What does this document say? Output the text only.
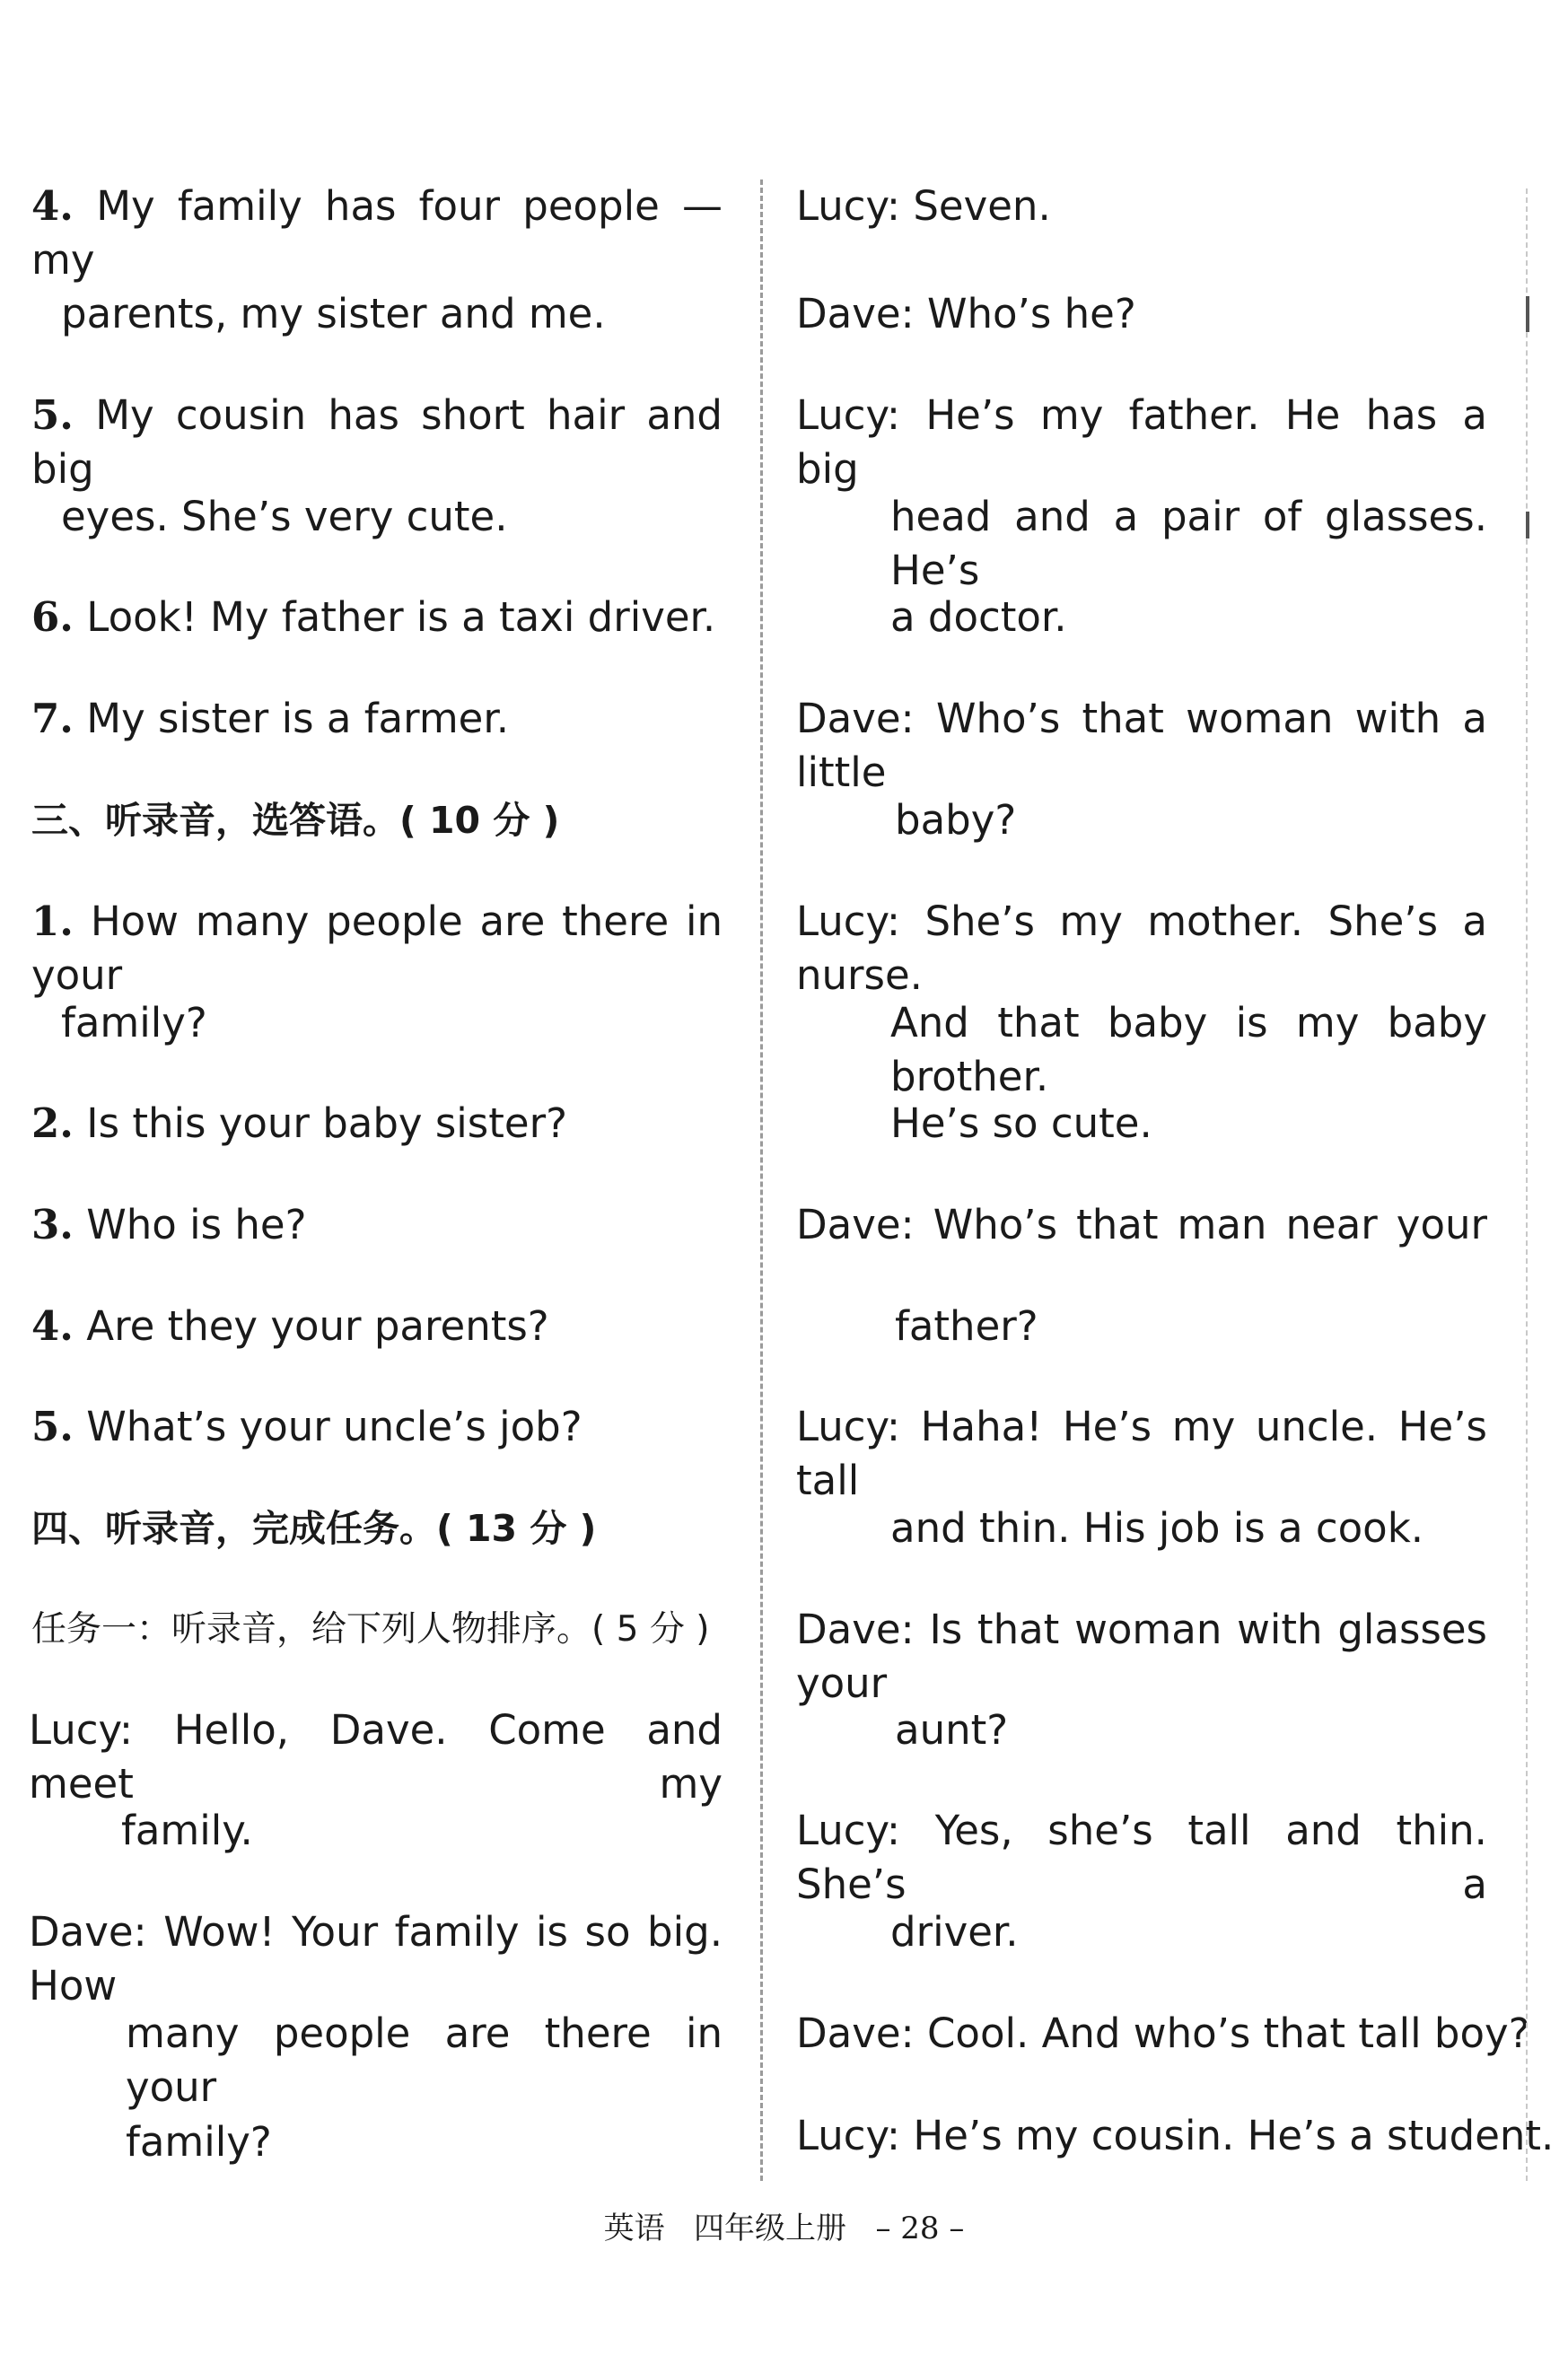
4. My family has four people — my
parents, my sister and me.
5. My cousin has short hair and big
eyes. She’s very cute.
6. Look! My father is a taxi driver.
7. My sister is a farmer.
三、听录音，选答语。( 10 分 )
1. How many people are there in your
family?
2. Is this your baby sister?
3. Who is he?
4. Are they your parents?
5. What’s your uncle’s job?
四、听录音，完成任务。( 13 分 )
任务一：听录音，给下列人物排序。( 5 分 )
Lucy: Hello, Dave. Come and meet my
family.
Dave: Wow! Your family is so big. How
many people are there in your
family?
Lucy: Seven.
Dave: Who’s he?
Lucy: He’s my father. He has a big
head and a pair of glasses. He’s
a doctor.
Dave: Who’s that woman with a little
baby?
Lucy: She’s my mother. She’s a nurse.
And that baby is my baby brother.
He’s so cute.
Dave: Who’s that man near your
father?
Lucy: Haha! He’s my uncle. He’s tall
and thin. His job is a cook.
Dave: Is that woman with glasses your
aunt?
Lucy: Yes, she’s tall and thin. She’s a
driver.
Dave: Cool. And who’s that tall boy?
Lucy: He’s my cousin. He’s a student.
英语   四年级上册   – 28 –
